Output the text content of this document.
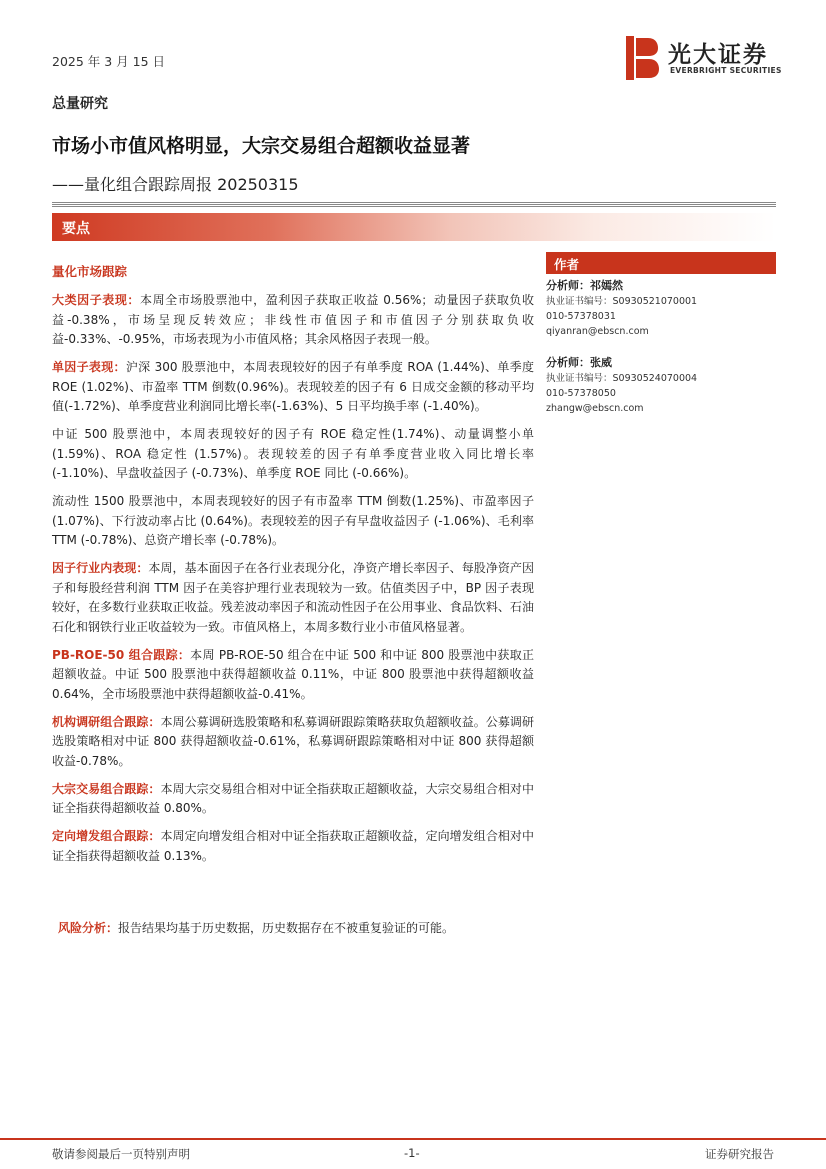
2025 年 3 月 15 日	光大证券
EVERBRIGHT SECURITIES
总量研究
市场小市值风格明显，大宗交易组合超额收益显著
——量化组合跟踪周报 20250315
要点
量化市场跟踪

大类因子表现：本周全市场股票池中，盈利因子获取正收益 0.56%；动量因子获取负收益-0.38%，市场呈现反转效应；非线性市值因子和市值因子分别获取负收益-0.33%、-0.95%，市场表现为小市值风格；其余风格因子表现一般。

单因子表现：沪深 300 股票池中，本周表现较好的因子有单季度 ROA (1.44%)、单季度 ROE (1.02%)、市盈率 TTM 倒数(0.96%)。表现较差的因子有 6 日成交金额的移动平均值(-1.72%)、单季度营业利润同比增长率(-1.63%)、5 日平均换手率 (-1.40%)。

中证 500 股票池中，本周表现较好的因子有 ROE 稳定性(1.74%)、动量调整小单(1.59%)、ROA 稳定性 (1.57%)。表现较差的因子有单季度营业收入同比增长率(-1.10%)、早盘收益因子 (-0.73%)、单季度 ROE 同比 (-0.66%)。

流动性 1500 股票池中，本周表现较好的因子有市盈率 TTM 倒数(1.25%)、市盈率因子(1.07%)、下行波动率占比 (0.64%)。表现较差的因子有早盘收益因子 (-1.06%)、毛利率 TTM (-0.78%)、总资产增长率 (-0.78%)。

因子行业内表现：本周，基本面因子在各行业表现分化，净资产增长率因子、每股净资产因子和每股经营利润 TTM 因子在美容护理行业表现较为一致。估值类因子中，BP 因子表现较好，在多数行业获取正收益。残差波动率因子和流动性因子在公用事业、食品饮料、石油石化和钢铁行业正收益较为一致。市值风格上，本周多数行业小市值风格显著。

PB-ROE-50 组合跟踪：本周 PB-ROE-50 组合在中证 500 和中证 800 股票池中获取正超额收益。中证 500 股票池中获得超额收益 0.11%，中证 800 股票池中获得超额收益 0.64%，全市场股票池中获得超额收益-0.41%。

机构调研组合跟踪：本周公募调研选股策略和私募调研跟踪策略获取负超额收益。公募调研选股策略相对中证 800 获得超额收益-0.61%，私募调研跟踪策略相对中证 800 获得超额收益-0.78%。

大宗交易组合跟踪：本周大宗交易组合相对中证全指获取正超额收益，大宗交易组合相对中证全指获得超额收益 0.80%。

定向增发组合跟踪：本周定向增发组合相对中证全指获取正超额收益，定向增发组合相对中证全指获得超额收益 0.13%。

风险分析：报告结果均基于历史数据，历史数据存在不被重复验证的可能。
作者
分析师：祁嫣然
执业证书编号：S0930521070001
010-57378031
qiyanran@ebscn.com
分析师：张威
执业证书编号：S0930524070004
010-57378050
zhangw@ebscn.com
敬请参阅最后一页特别声明	-1-	证券研究报告
